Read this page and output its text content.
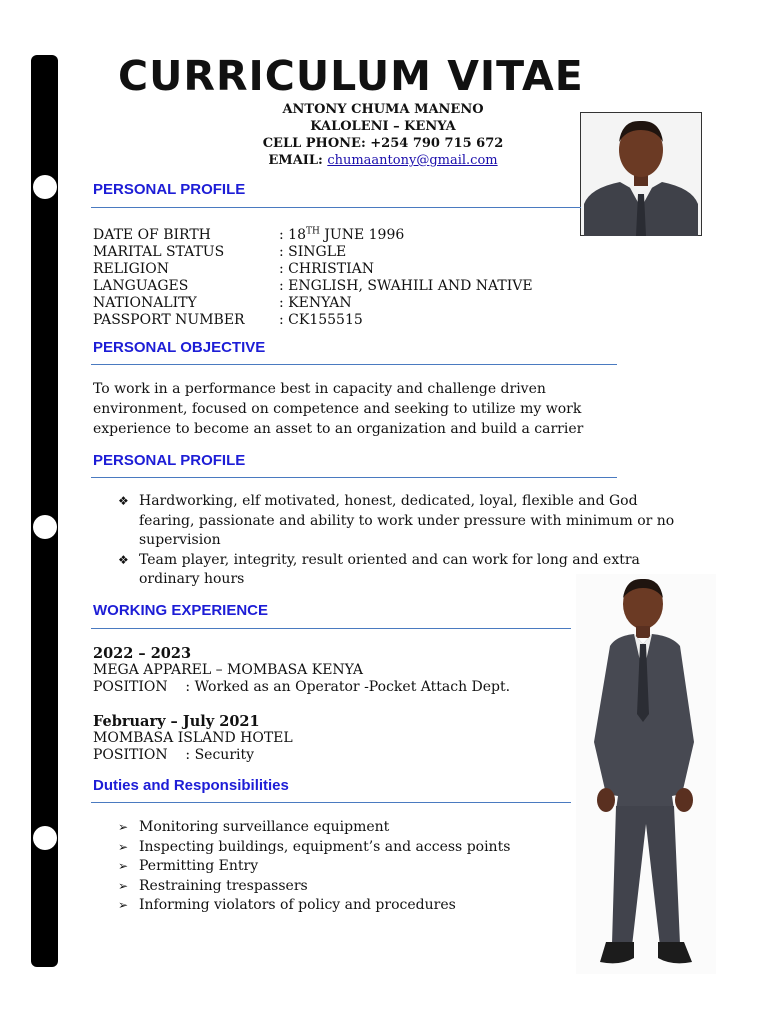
CURRICULUM VITAE
ANTONY CHUMA MANENO
KALOLENI – KENYA
CELL PHONE: +254 790 715 672
EMAIL: chumaantony@gmail.com
PERSONAL PROFILE
DATE OF BIRTH	: 18TH JUNE 1996
MARITAL STATUS	: SINGLE
RELIGION	: CHRISTIAN
LANGUAGES	: ENGLISH, SWAHILI AND NATIVE
NATIONALITY	: KENYAN
PASSPORT NUMBER : CK155515
PERSONAL OBJECTIVE

To work in a performance best in capacity and challenge driven environment, focused on competence and seeking to utilize my work experience to become an asset to an organization and build a carrier

PERSONAL PROFILE
❖ Hardworking, elf motivated, honest, dedicated, loyal, flexible and God fearing, passionate and ability to work under pressure with minimum or no supervision
❖ Team player, integrity, result oriented and can work for long and extra ordinary hours
WORKING EXPERIENCE
2022 – 2023
MEGA APPAREL – MOMBASA KENYA
POSITION    : Worked as an Operator -Pocket Attach Dept.
February – July 2021
MOMBASA ISLAND HOTEL
POSITION    : Security
Duties and Responsibilities
➢ Monitoring surveillance equipment
➢ Inspecting buildings, equipment’s and access points
➢ Permitting Entry
➢ Restraining trespassers
➢ Informing violators of policy and procedures
